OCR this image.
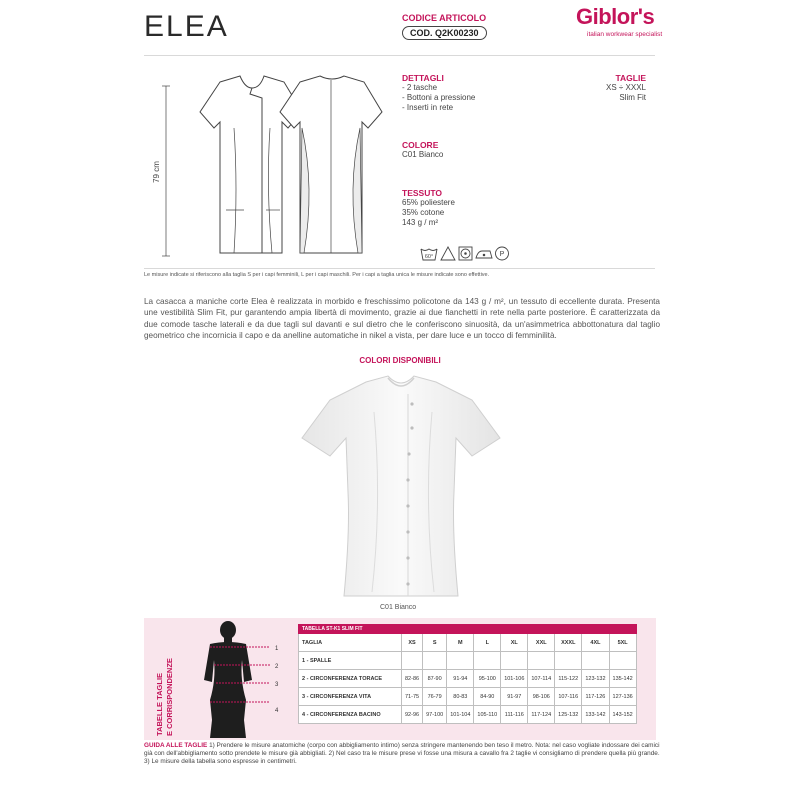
ELEA	CODICE ARTICOLO
COD. Q2K00230
Giblor's
italian workwear specialist
79 cm
DETTAGLI
- 2 tasche
- Bottoni a pressione
- Inserti in rete
TAGLIE
XS ÷ XXXL
Slim Fit
COLORE
C01 Bianco
TESSUTO
65% poliestere
35% cotone
143 g / m²
60°	P
Le misure indicate si riferiscono alla taglia S per i capi femminili, L per i capi maschili. Per i capi a taglia unica le misure indicate sono effettive.
La casacca a maniche corte Elea è realizzata in morbido e freschissimo policotone da 143 g / m², un tessuto di eccellente durata. Presenta une vestibilità Slim Fit, pur garantendo ampia libertà di movimento, grazie ai due fianchetti in rete nella parte posteriore. È caratterizzata da due comode tasche laterali e da due tagli sul davanti e sul dietro che le conferiscono sinuosità, da un'asimmetrica abbottonatura dal taglio geometrico che incornicia il capo e da anelline automatiche in nikel a vista, per dare luce e un tocco di femminilità.
COLORI DISPONIBILI
C01 Bianco
TABELLE TAGLIE E CORRISPONDENZE
1
2
3
4
TABELLA ST-K1 SLIM FIT									
TAGLIA	XS	S	M	L	XL	XXL	XXXL	4XL	5XL
1 - SPALLE									
2 - CIRCONFERENZA TORACE	82-86	87-90	91-94	95-100	101-106	107-114	115-122	123-132	135-142
3 - CIRCONFERENZA VITA	71-75	76-79	80-83	84-90	91-97	98-106	107-116	117-126	127-136
4 - CIRCONFERENZA BACINO	92-96	97-100	101-104	105-110	111-116	117-124	125-132	133-142	143-152
GUIDA ALLE TAGLIE 1) Prendere le misure anatomiche (corpo con abbigliamento intimo) senza stringere mantenendo ben teso il metro. Nota: nel caso vogliate indossare dei camici già con dell'abbigliamento sotto prendete le misure già abbigliati. 2) Nel caso tra le misure prese vi fosse una misura a cavallo fra 2 taglie vi consigliamo di prendere quella più grande. 3) Le misure della tabella sono espresse in centimetri.
